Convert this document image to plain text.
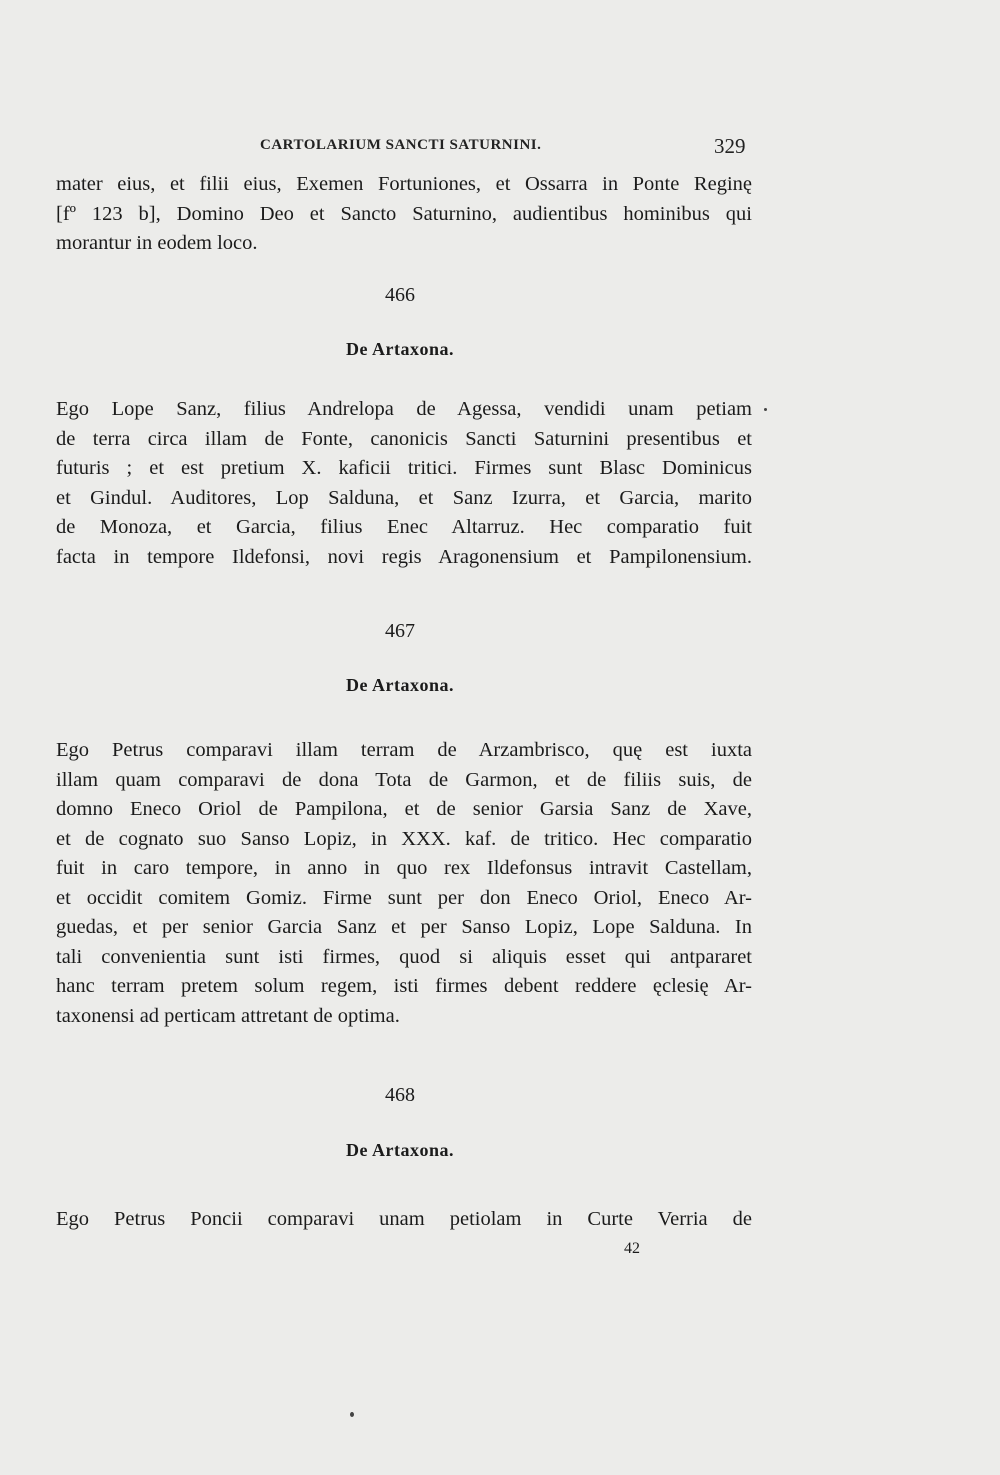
CARTOLARIUM SANCTI SATURNINI.	329
mater eius, et filii eius, Exemen Fortuniones, et Ossarra in Ponte Reginę
[fº 123 b], Domino Deo et Sancto Saturnino, audientibus hominibus qui
morantur in eodem loco.
466
De Artaxona.
Ego Lope Sanz, filius Andrelopa de Agessa, vendidi unam petiam
de terra circa illam de Fonte, canonicis Sancti Saturnini presentibus et
futuris ; et est pretium X. kaficii tritici. Firmes sunt Blasc Dominicus
et Gindul. Auditores, Lop Salduna, et Sanz Izurra, et Garcia, marito
de Monoza, et Garcia, filius Enec Altarruz. Hec comparatio fuit
facta in tempore Ildefonsi, novi regis Aragonensium et Pampilonensium.
467
De Artaxona.
Ego Petrus comparavi illam terram de Arzambrisco, quę est iuxta
illam quam comparavi de dona Tota de Garmon, et de filiis suis, de
domno Eneco Oriol de Pampilona, et de senior Garsia Sanz de Xave,
et de cognato suo Sanso Lopiz, in XXX. kaf. de tritico. Hec comparatio
fuit in caro tempore, in anno in quo rex Ildefonsus intravit Castellam,
et occidit comitem Gomiz. Firme sunt per don Eneco Oriol, Eneco Ar-
guedas, et per senior Garcia Sanz et per Sanso Lopiz, Lope Salduna. In
tali convenientia sunt isti firmes, quod si aliquis esset qui antpararet
hanc terram pretem solum regem, isti firmes debent reddere ęclesię Ar-
taxonensi ad perticam attretant de optima.
468
De Artaxona.
Ego Petrus Poncii comparavi unam petiolam in Curte Verria de
42
